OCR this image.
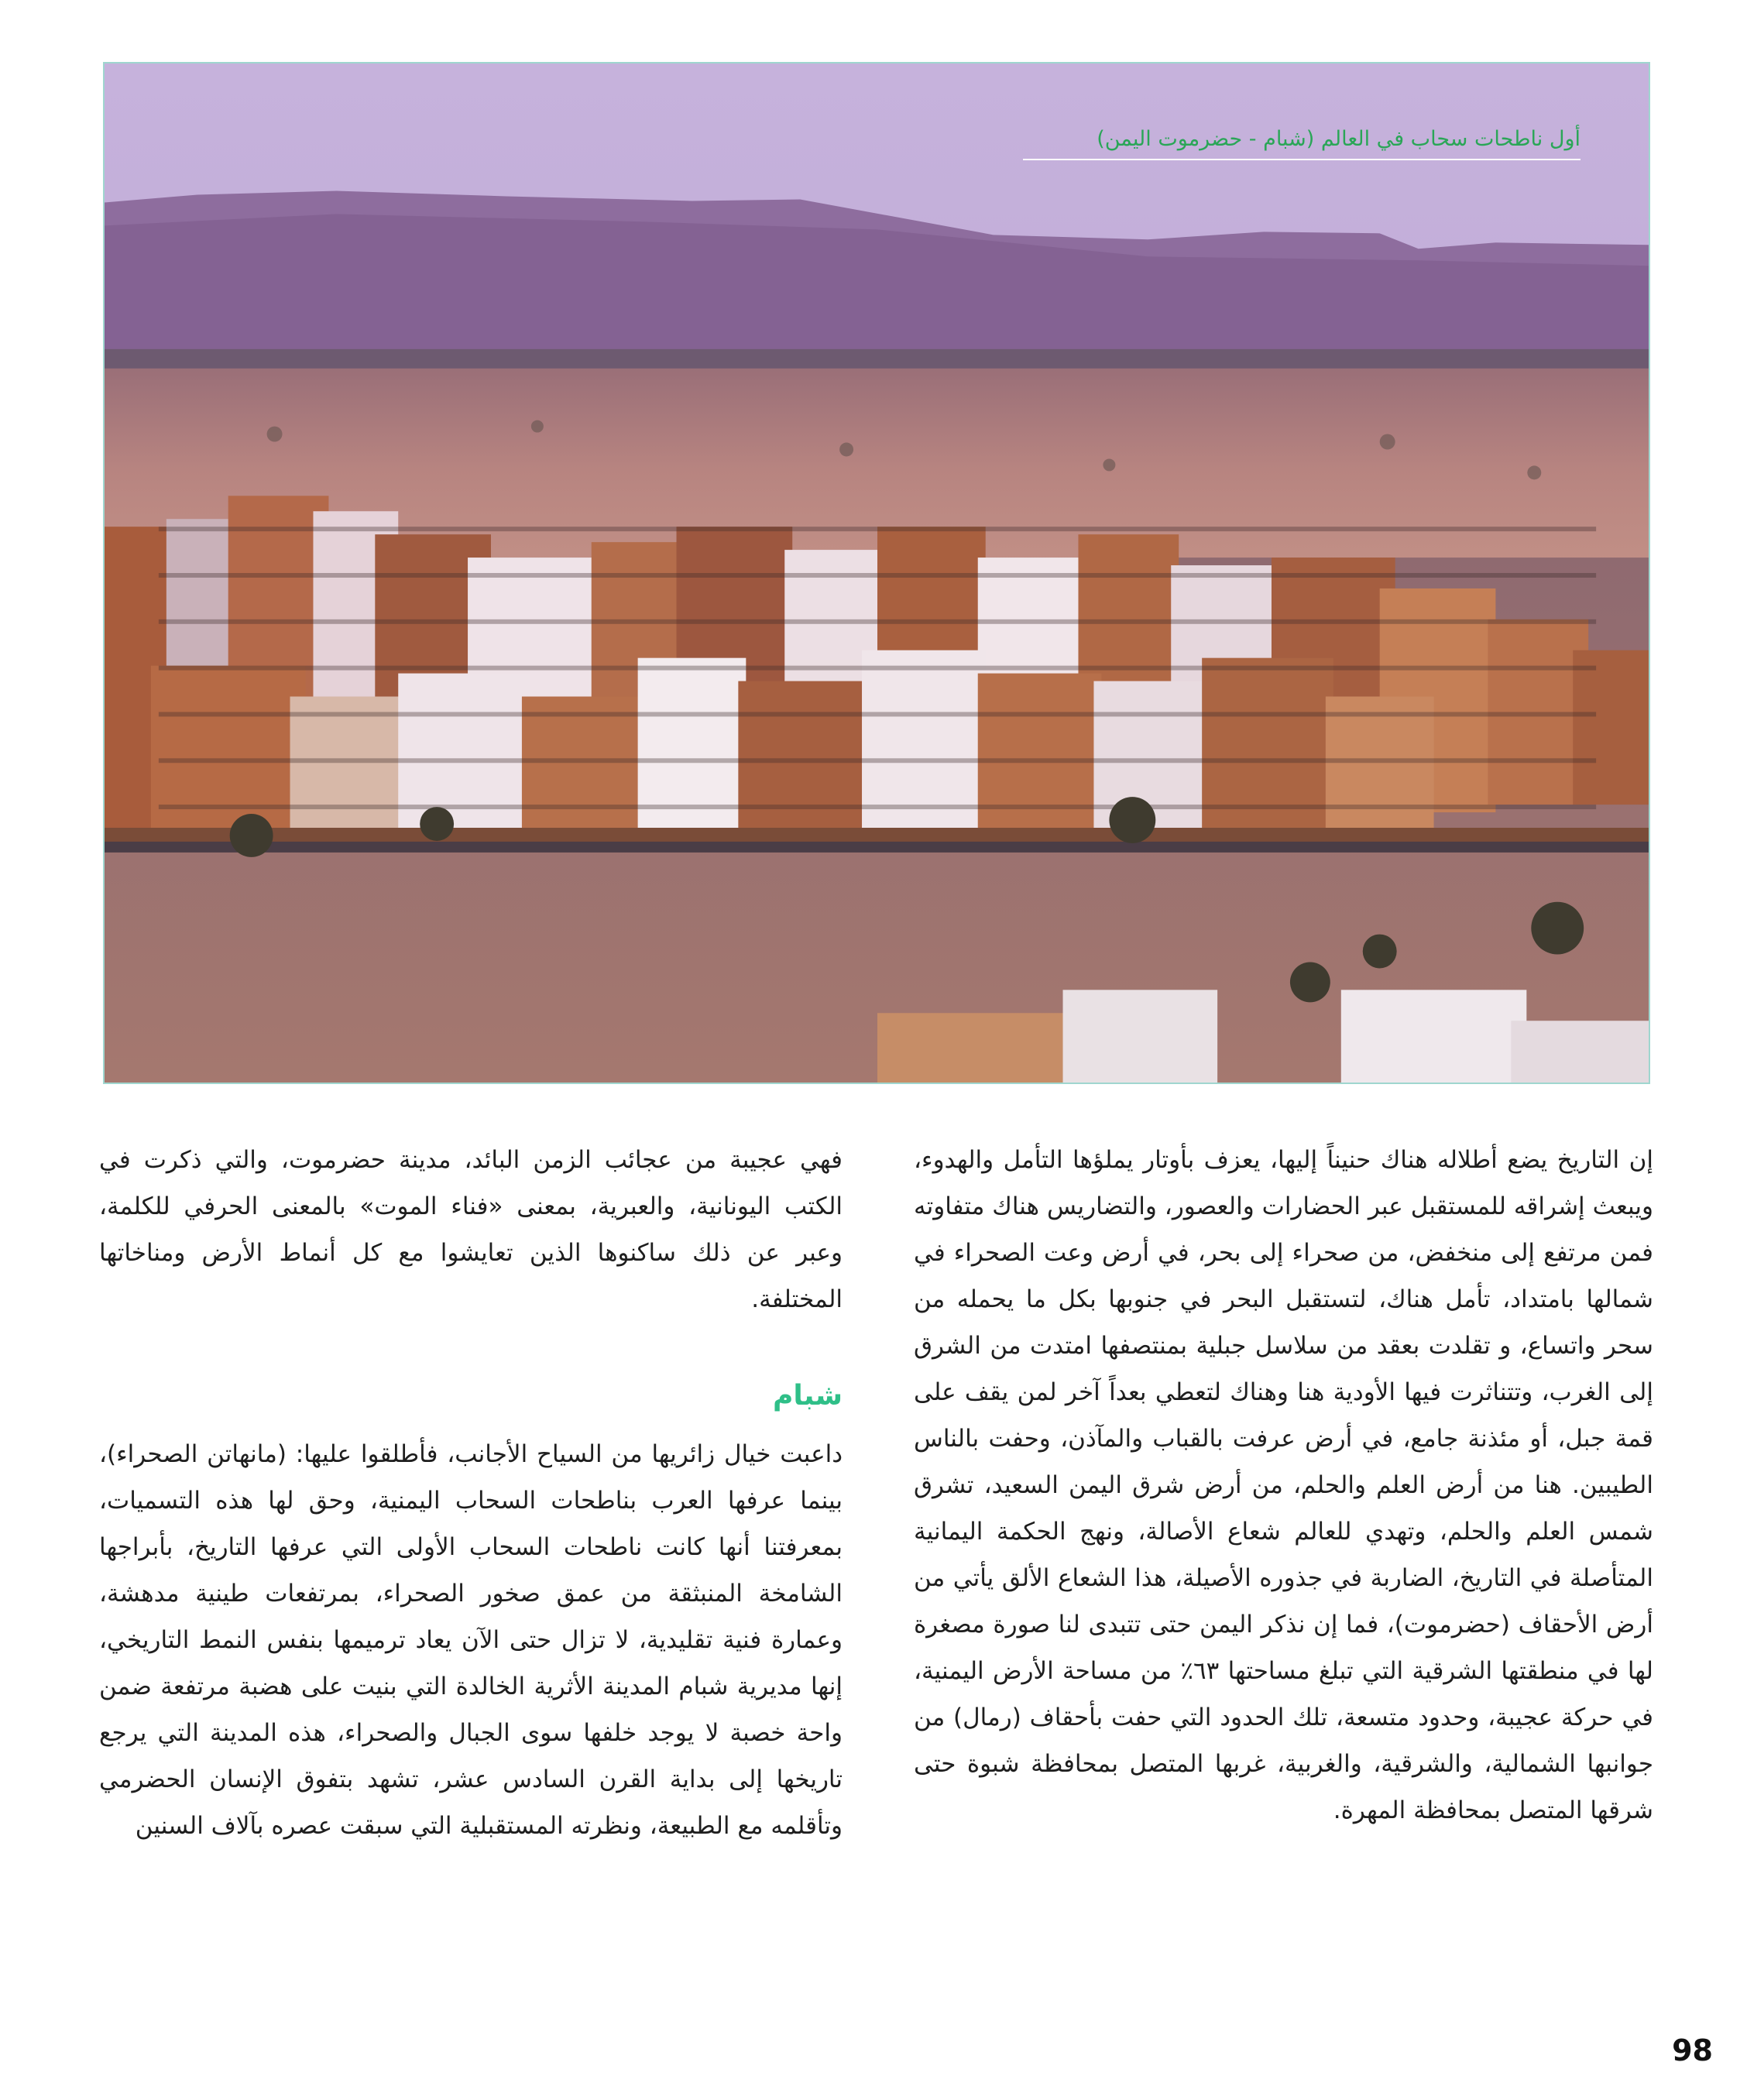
أول ناطحات سحاب في العالم (شبام - حضرموت اليمن)

إن التاريخ يضع أطلاله هناك حنيناً إليها، يعزف بأوتار يملؤها التأمل والهدوء، ويبعث إشراقه للمستقبل عبر الحضارات والعصور، والتضاريس هناك متفاوته فمن مرتفع إلى منخفض، من صحراء إلى بحر، في أرض وعت الصحراء في شمالها بامتداد، تأمل هناك، لتستقبل البحر في جنوبها بكل ما يحمله من سحر واتساع، و تقلدت بعقد من سلاسل جبلية بمنتصفها امتدت من الشرق إلى الغرب، وتتناثرت فيها الأودية هنا وهناك لتعطي بعداً آخر لمن يقف على قمة جبل، أو مئذنة جامع، في أرض عرفت بالقباب والمآذن، وحفت بالناس الطيبين. هنا من أرض العلم والحلم، من أرض شرق اليمن السعيد، تشرق شمس العلم والحلم، وتهدي للعالم شعاع الأصالة، ونهج الحكمة اليمانية المتأصلة في التاريخ، الضاربة في جذوره الأصيلة، هذا الشعاع الألق يأتي من أرض الأحقاف (حضرموت)، فما إن نذكر اليمن حتى تتبدى لنا صورة مصغرة لها في منطقتها الشرقية التي تبلغ مساحتها ٦٣٪ من مساحة الأرض اليمنية، في حركة عجيبة، وحدود متسعة، تلك الحدود التي حفت بأحقاف (رمال) من جوانبها الشمالية، والشرقية، والغربية، غربها المتصل بمحافظة شبوة حتى شرقها المتصل بمحافظة المهرة.

فهي عجيبة من عجائب الزمن البائد، مدينة حضرموت، والتي ذكرت في الكتب اليونانية، والعبرية، بمعنى «فناء الموت» بالمعنى الحرفي للكلمة، وعبر عن ذلك ساكنوها الذين تعايشوا مع كل أنماط الأرض ومناخاتها المختلفة.

شبام

داعبت خيال زائريها من السياح الأجانب، فأطلقوا عليها: (مانهاتن الصحراء)، بينما عرفها العرب بناطحات السحاب اليمنية، وحق لها هذه التسميات، بمعرفتنا أنها كانت ناطحات السحاب الأولى التي عرفها التاريخ، بأبراجها الشامخة المنبثقة من عمق صخور الصحراء، بمرتفعات طينية مدهشة، وعمارة فنية تقليدية، لا تزال حتى الآن يعاد ترميمها بنفس النمط التاريخي، إنها مديرية شبام المدينة الأثرية الخالدة التي بنيت على هضبة مرتفعة ضمن واحة خصبة لا يوجد خلفها سوى الجبال والصحراء، هذه المدينة التي يرجع تاريخها إلى بداية القرن السادس عشر، تشهد بتفوق الإنسان الحضرمي وتأقلمه مع الطبيعة، ونظرته المستقبلية التي سبقت عصره بآلاف السنين

98
